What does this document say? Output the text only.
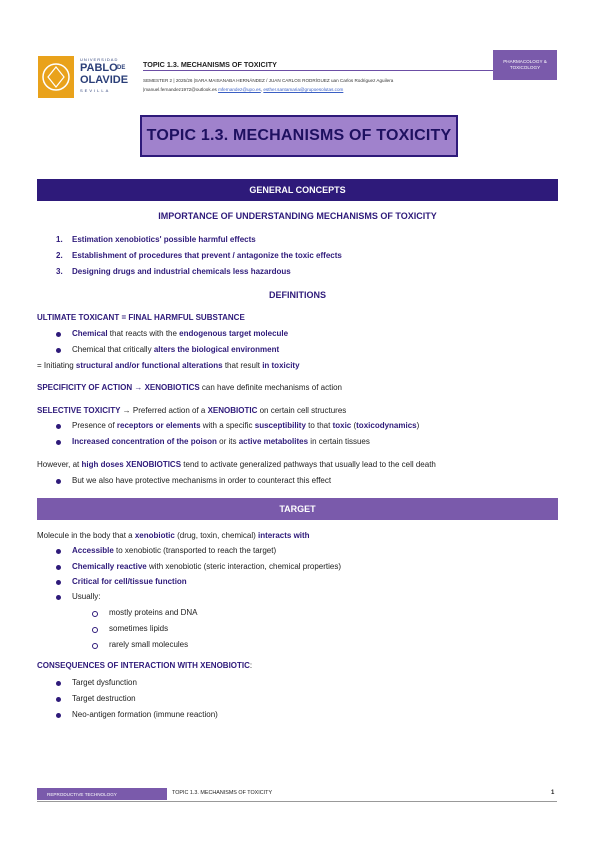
UNIVERSIDAD
PABLO DE
OLAVIDE
SEVILLA
TOPIC 1.3. MECHANISMS OF TOXICITY
SEMESTER 2 | 2025/26 |SARA MAISANABA HERNÁNDEZ / JUAN CARLOS RODRÍGUEZ uan Carlos Rodriguez Aguilera
|manuel.fernandez1972@outlook.es mfernandez@upo.es, esther.santamaria@grupoesolutas.com
PHARMACOLOGY &
TOXICOLOGY
TOPIC 1.3. MECHANISMS OF TOXICITY
GENERAL CONCEPTS
IMPORTANCE OF UNDERSTANDING MECHANISMS OF TOXICITY
1. Estimation xenobiotics' possible harmful effects
2. Establishment of procedures that prevent / antagonize the toxic effects
3. Designing drugs and industrial chemicals less hazardous
DEFINITIONS
ULTIMATE TOXICANT = FINAL HARMFUL SUBSTANCE
Chemical that reacts with the endogenous target molecule
Chemical that critically alters the biological environment
= Initiating structural and/or functional alterations that result in toxicity
SPECIFICITY OF ACTION → XENOBIOTICS can have definite mechanisms of action
SELECTIVE TOXICITY → Preferred action of a XENOBIOTIC on certain cell structures
Presence of receptors or elements with a specific susceptibility to that toxic (toxicodynamics)
Increased concentration of the poison or its active metabolites in certain tissues
However, at high doses XENOBIOTICS tend to activate generalized pathways that usually lead to the cell death
But we also have protective mechanisms in order to counteract this effect
TARGET
Molecule in the body that a xenobiotic (drug, toxin, chemical) interacts with
Accessible to xenobiotic (transported to reach the target)
Chemically reactive with xenobiotic (steric interaction, chemical properties)
Critical for cell/tissue function
Usually:
mostly proteins and DNA
sometimes lipids
rarely small molecules
CONSEQUENCES OF INTERACTION WITH XENOBIOTIC:
Target dysfunction
Target destruction
Neo-antigen formation (immune reaction)
REPRODUCTIVE TECHNOLOGY	TOPIC 1.3. MECHANISMS OF TOXICITY	1
